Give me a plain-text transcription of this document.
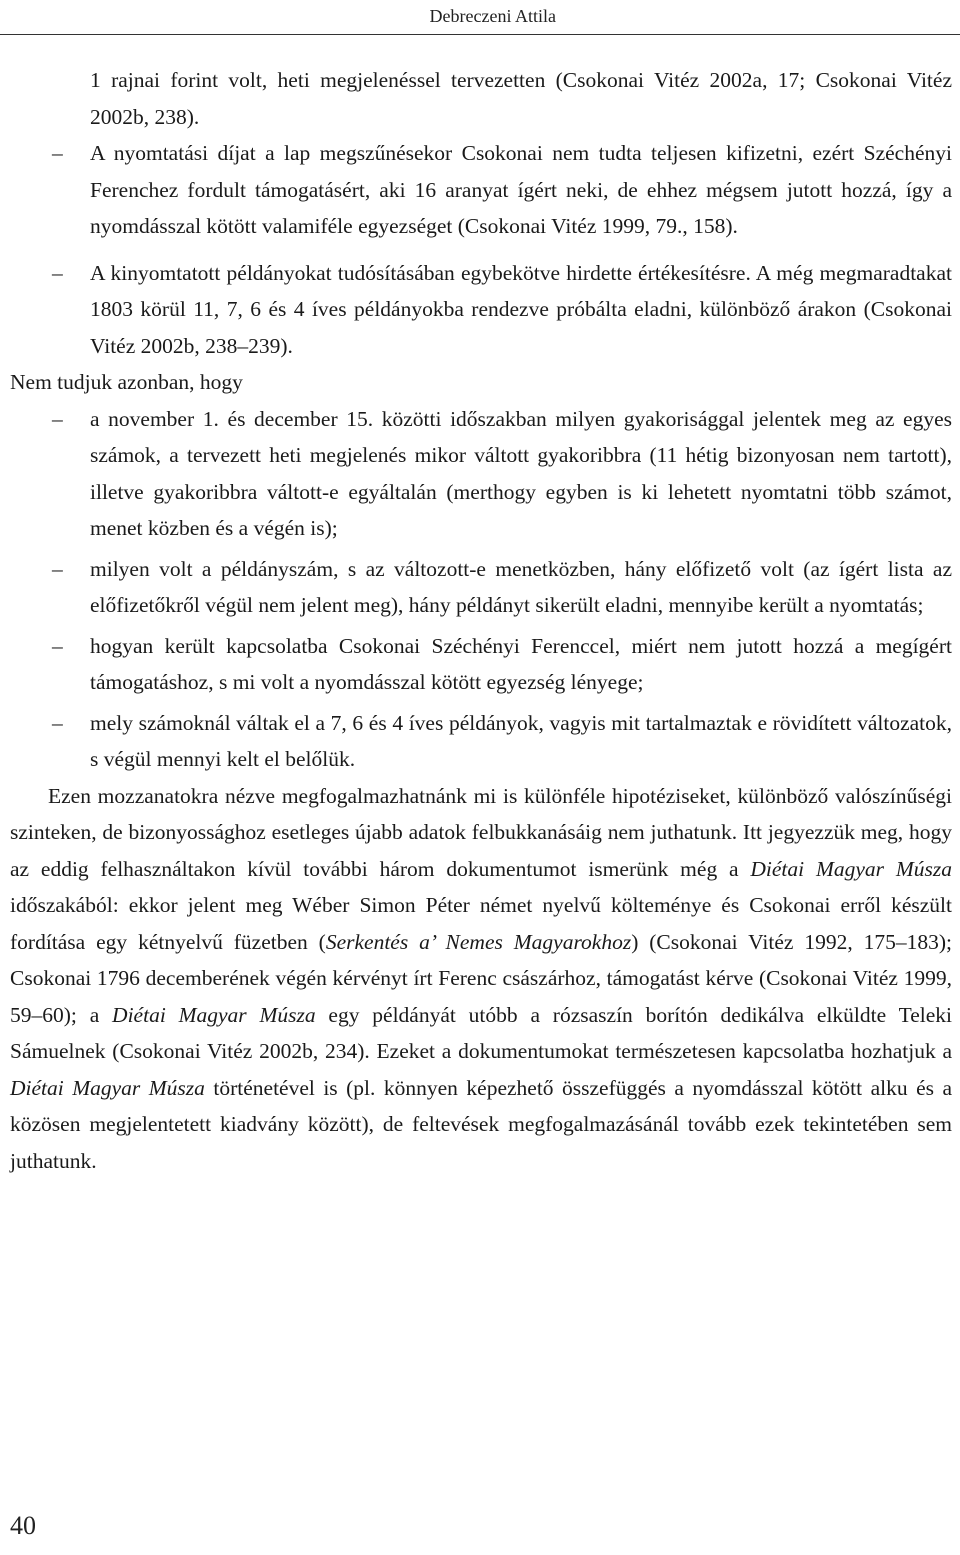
Debreczeni Attila

1 rajnai forint volt, heti megjelenéssel tervezetten (Csokonai Vitéz 2002a, 17; Csokonai Vitéz 2002b, 238).

– A nyomtatási díjat a lap megszűnésekor Csokonai nem tudta teljesen kifizetni, ezért Széchényi Ferenchez fordult támogatásért, aki 16 aranyat ígért neki, de ehhez mégsem jutott hozzá, így a nyomdásszal kötött valamiféle egyezséget (Csokonai Vitéz 1999, 79., 158).
– A kinyomtatott példányokat tudósításában egybekötve hirdette értékesítésre. A még megmaradtakat 1803 körül 11, 7, 6 és 4 íves példányokba rendezve próbálta eladni, különböző árakon (Csokonai Vitéz 2002b, 238–239).

Nem tudjuk azonban, hogy

– a november 1. és december 15. közötti időszakban milyen gyakorisággal jelentek meg az egyes számok, a tervezett heti megjelenés mikor váltott gyakoribbra (11 hétig bizonyosan nem tartott), illetve gyakoribbra váltott-e egyáltalán (merthogy egyben is ki lehetett nyomtatni több számot, menet közben és a végén is);
– milyen volt a példányszám, s az változott-e menetközben, hány előfizető volt (az ígért lista az előfizetőkről végül nem jelent meg), hány példányt sikerült eladni, mennyibe került a nyomtatás;
– hogyan került kapcsolatba Csokonai Széchényi Ferenccel, miért nem jutott hozzá a megígért támogatáshoz, s mi volt a nyomdásszal kötött egyezség lényege;
– mely számoknál váltak el a 7, 6 és 4 íves példányok, vagyis mit tartalmaztak e rövidített változatok, s végül mennyi kelt el belőlük.

Ezen mozzanatokra nézve megfogalmazhatnánk mi is különféle hipotéziseket, különböző valószínűségi szinteken, de bizonyossághoz esetleges újabb adatok felbukkanásáig nem juthatunk. Itt jegyezzük meg, hogy az eddig felhasználtakon kívül további három dokumentumot ismerünk még a Diétai Magyar Músza időszakából: ekkor jelent meg Wéber Simon Péter német nyelvű költeménye és Csokonai erről készült fordítása egy kétnyelvű füzetben (Serkentés a’ Nemes Magyarokhoz) (Csokonai Vitéz 1992, 175–183); Csokonai 1796 decemberének végén kérvényt írt Ferenc császárhoz, támogatást kérve (Csokonai Vitéz 1999, 59–60); a Diétai Magyar Músza egy példányát utóbb a rózsaszín borítón dedikálva elküldte Teleki Sámuelnek (Csokonai Vitéz 2002b, 234). Ezeket a dokumentumokat természetesen kapcsolatba hozhatjuk a Diétai Magyar Músza történetével is (pl. könnyen képezhető összefüggés a nyomdásszal kötött alku és a közösen megjelentetett kiadvány között), de feltevések megfogalmazásánál tovább ezek tekintetében sem juthatunk.

40
